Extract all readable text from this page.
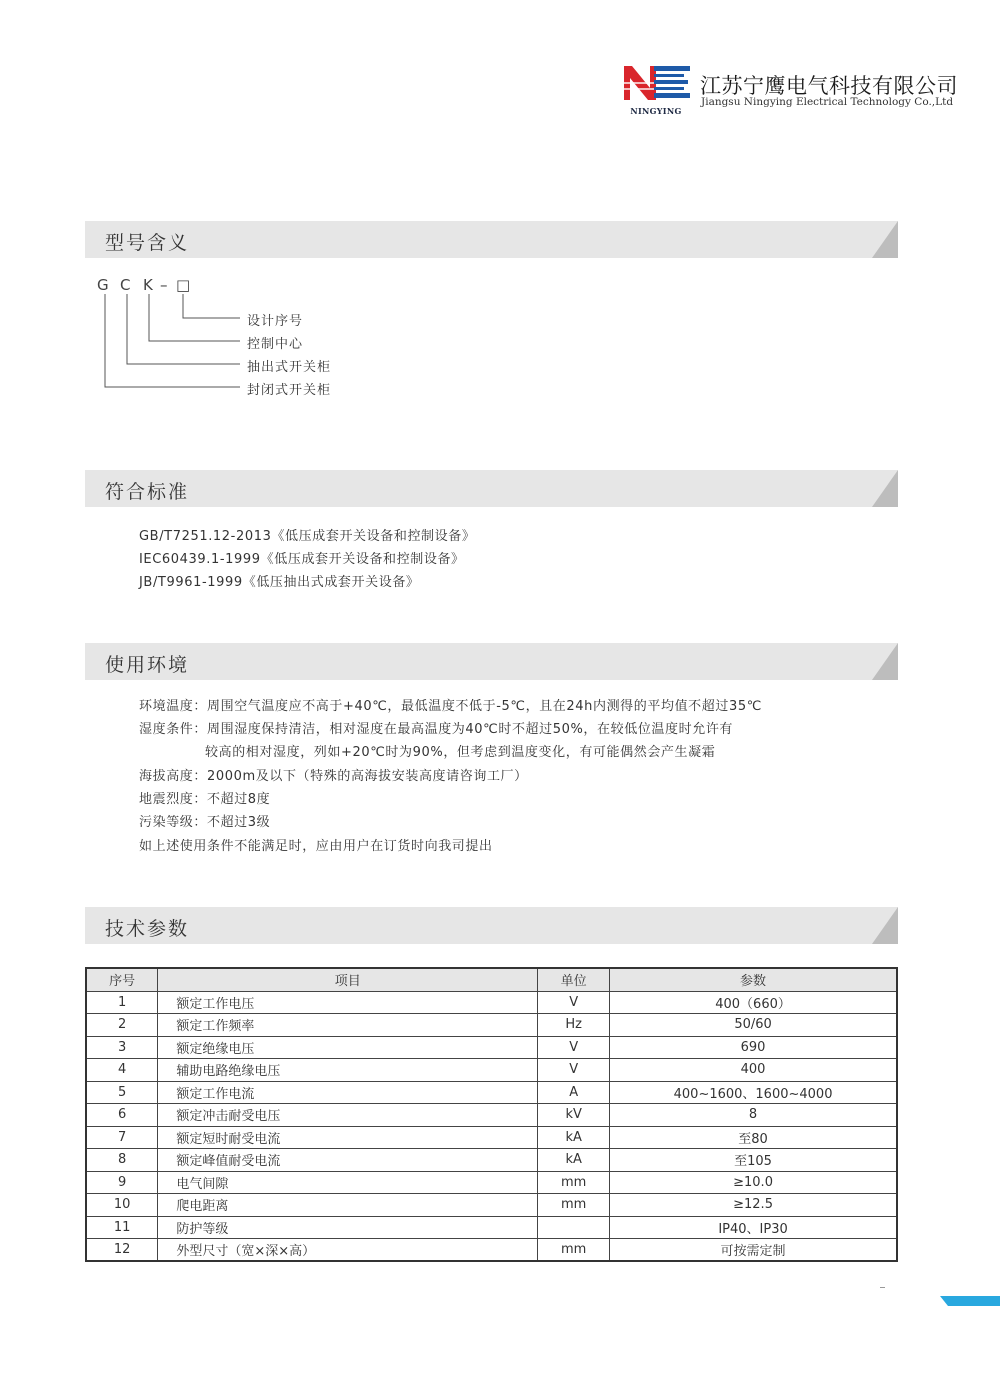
NINGYING
江苏宁鹰电气科技有限公司
Jiangsu Ningying Electrical Technology Co.,Ltd
型号含义
G C K – □
设计序号
控制中心
抽出式开关柜
封闭式开关柜
符合标准
GB/T7251.12-2013《低压成套开关设备和控制设备》
IEC60439.1-1999《低压成套开关设备和控制设备》
JB/T9961-1999《低压抽出式成套开关设备》
使用环境
环境温度：周围空气温度应不高于+40℃，最低温度不低于-5℃，且在24h内测得的平均值不超过35℃
湿度条件：周围湿度保持清洁，相对湿度在最高温度为40℃时不超过50%，在较低位温度时允许有
较高的相对湿度，列如+20℃时为90%，但考虑到温度变化，有可能偶然会产生凝霜
海拔高度：2000m及以下（特殊的高海拔安装高度请咨询工厂）
地震烈度：不超过8度
污染等级：不超过3级
如上述使用条件不能满足时，应由用户在订货时向我司提出
技术参数
序号	项目	单位	参数
1	额定工作电压	V	400（660）
2	额定工作频率	Hz	50/60
3	额定绝缘电压	V	690
4	辅助电路绝缘电压	V	400
5	额定工作电流	A	400~1600、1600~4000
6	额定冲击耐受电压	kV	8
7	额定短时耐受电流	kA	至80
8	额定峰值耐受电流	kA	至105
9	电气间隙	mm	≥10.0
10	爬电距离	mm	≥12.5
11	防护等级		IP40、IP30
12	外型尺寸（宽×深×高）	mm	可按需定制
